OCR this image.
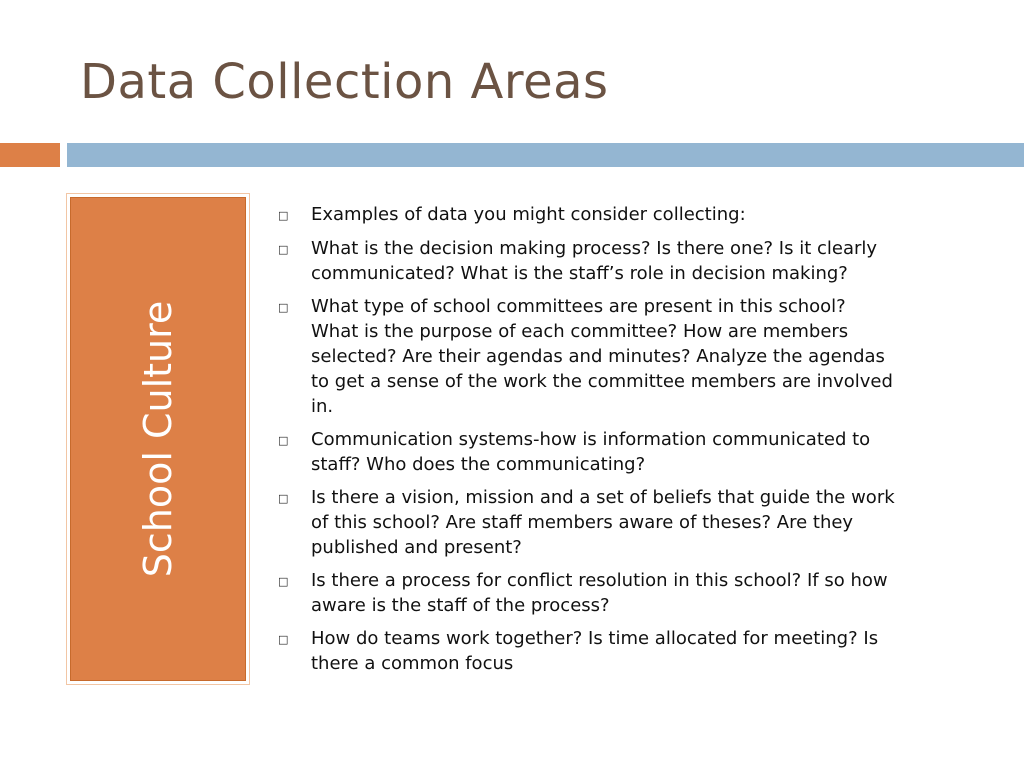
Data Collection Areas
School Culture
□	Examples of data you might consider collecting:
□	What is the decision making process? Is there one? Is it clearly
communicated? What is the staff’s role in decision making?
□	What type of school committees are present in this school?
What is the purpose of each committee? How are members
selected? Are their agendas and minutes? Analyze the agendas
to get a sense of the work the committee members are involved
in.
□	Communication systems-how is information communicated to
staff? Who does the communicating?
□	Is there a vision, mission and a set of beliefs that guide the work
of this school? Are staff members aware of theses? Are they
published and present?
□	Is there a process for conflict resolution in this school? If so how
aware is the staff of the process?
□	How do teams work together? Is time allocated for meeting? Is
there a common focus
